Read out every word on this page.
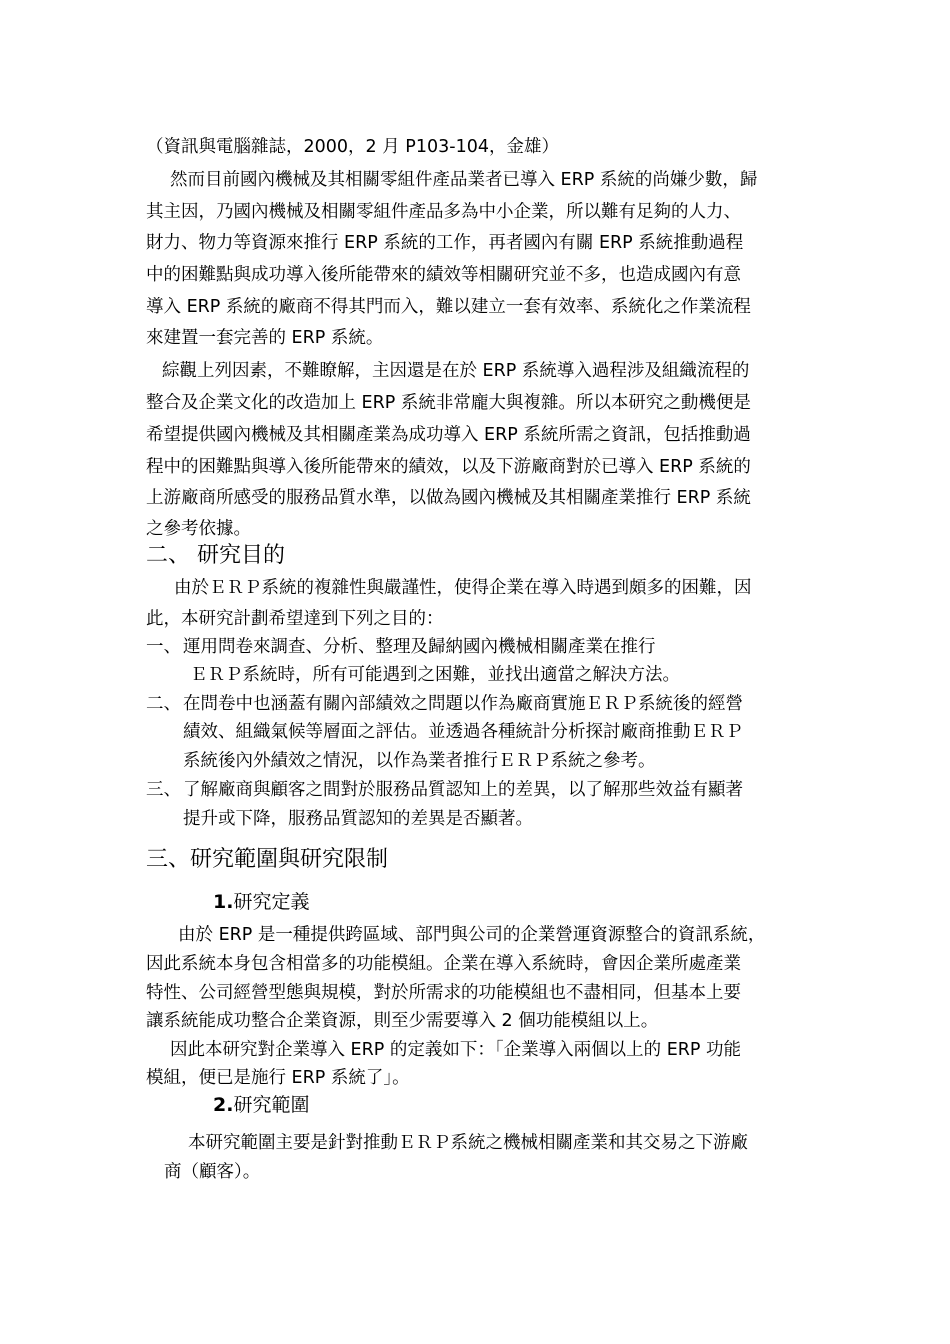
（資訊與電腦雜誌，2000，2 月 P103-104，金雄）
然而目前國內機械及其相關零組件產品業者已導入 ERP 系統的尚嫌少數，歸
其主因，乃國內機械及相關零組件產品多為中小企業，所以難有足夠的人力、
財力、物力等資源來推行 ERP 系統的工作，再者國內有關 ERP 系統推動過程
中的困難點與成功導入後所能帶來的績效等相關研究並不多，也造成國內有意
導入 ERP 系統的廠商不得其門而入，難以建立一套有效率、系統化之作業流程
來建置一套完善的 ERP 系統。
綜觀上列因素，不難瞭解，主因還是在於 ERP 系統導入過程涉及組織流程的
整合及企業文化的改造加上 ERP 系統非常龐大與複雜。所以本研究之動機便是
希望提供國內機械及其相關產業為成功導入 ERP 系統所需之資訊，包括推動過
程中的困難點與導入後所能帶來的績效，以及下游廠商對於已導入 ERP 系統的
上游廠商所感受的服務品質水準，以做為國內機械及其相關產業推行 ERP 系統
之參考依據。
二、 研究目的
由於ＥＲＰ系統的複雜性與嚴謹性，使得企業在導入時遇到頗多的困難，因
此，本研究計劃希望達到下列之目的：
一、 運用問卷來調查、分析、整理及歸納國內機械相關產業在推行
ＥＲＰ系統時，所有可能遇到之困難，並找出適當之解決方法。
二、 在問卷中也涵蓋有關內部績效之問題以作為廠商實施ＥＲＰ系統後的經營
績效、組織氣候等層面之評估。並透過各種統計分析探討廠商推動ＥＲＰ
系統後內外績效之情況，以作為業者推行ＥＲＰ系統之參考。
三、 了解廠商與顧客之間對於服務品質認知上的差異，以了解那些效益有顯著
提升或下降，服務品質認知的差異是否顯著。
三、研究範圍與研究限制
1.研究定義
由於 ERP 是一種提供跨區域、部門與公司的企業營運資源整合的資訊系統，
因此系統本身包含相當多的功能模組。企業在導入系統時，會因企業所處產業
特性、公司經營型態與規模，對於所需求的功能模組也不盡相同，但基本上要
讓系統能成功整合企業資源，則至少需要導入 2 個功能模組以上。
因此本研究對企業導入 ERP 的定義如下：「企業導入兩個以上的 ERP 功能
模組，便已是施行 ERP 系統了」。
2.研究範圍
本研究範圍主要是針對推動ＥＲＰ系統之機械相關產業和其交易之下游廠
商（顧客）。
